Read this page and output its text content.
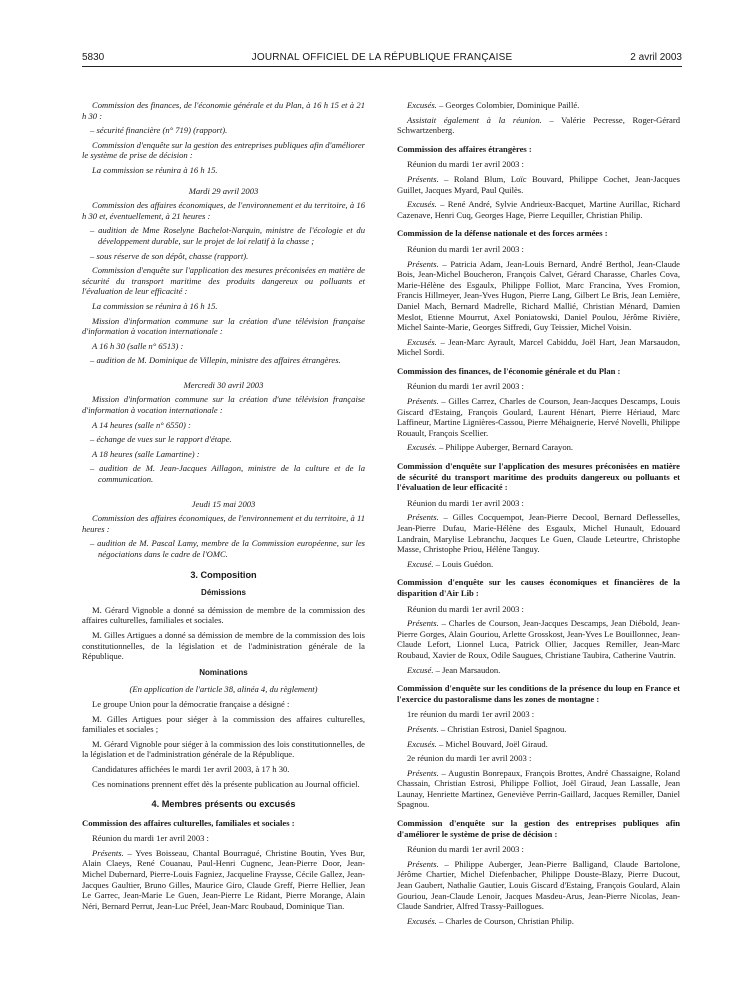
5830	JOURNAL OFFICIEL DE LA RÉPUBLIQUE FRANÇAISE	2 avril 2003

Commission des finances, de l'économie générale et du Plan, à 16 h 15 et à 21 h 30 :

– sécurité financière (n° 719) (rapport).

Commission d'enquête sur la gestion des entreprises publiques afin d'améliorer le système de prise de décision :

La commission se réunira à 16 h 15.

Mardi 29 avril 2003

Commission des affaires économiques, de l'environnement et du territoire, à 16 h 30 et, éventuellement, à 21 heures :

– audition de Mme Roselyne Bachelot-Narquin, ministre de l'écologie et du développement durable, sur le projet de loi relatif à la chasse ;

– sous réserve de son dépôt, chasse (rapport).

Commission d'enquête sur l'application des mesures préconisées en matière de sécurité du transport maritime des produits dangereux ou polluants et l'évaluation de leur efficacité :

La commission se réunira à 16 h 15.

Mission d'information commune sur la création d'une télévision française d'information à vocation internationale :

A 16 h 30 (salle n° 6513) :

– audition de M. Dominique de Villepin, ministre des affaires étrangères.

Mercredi 30 avril 2003

Mission d'information commune sur la création d'une télévision française d'information à vocation internationale :

A 14 heures (salle n° 6550) :

– échange de vues sur le rapport d'étape.

A 18 heures (salle Lamartine) :

– audition de M. Jean-Jacques Aillagon, ministre de la culture et de la communication.

Jeudi 15 mai 2003

Commission des affaires économiques, de l'environnement et du territoire, à 11 heures :

– audition de M. Pascal Lamy, membre de la Commission européenne, sur les négociations dans le cadre de l'OMC.

3. Composition

Démissions

M. Gérard Vignoble a donné sa démission de membre de la commission des affaires culturelles, familiales et sociales.

M. Gilles Artigues a donné sa démission de membre de la commission des lois constitutionnelles, de la législation et de l'administration générale de la République.

Nominations

(En application de l'article 38, alinéa 4, du règlement)

Le groupe Union pour la démocratie française a désigné :

M. Gilles Artigues pour siéger à la commission des affaires culturelles, familiales et sociales ;

M. Gérard Vignoble pour siéger à la commission des lois constitutionnelles, de la législation et de l'administration générale de la République.

Candidatures affichées le mardi 1er avril 2003, à 17 h 30.

Ces nominations prennent effet dès la présente publication au Journal officiel.

4. Membres présents ou excusés

Commission des affaires culturelles, familiales et sociales :

Réunion du mardi 1er avril 2003 :

Présents. – Yves Boisseau, Chantal Bourragué, Christine Boutin, Yves Bur, Alain Claeys, René Couanau, Paul-Henri Cugnenc, Jean-Pierre Door, Jean-Michel Dubernard, Pierre-Louis Fagniez, Jacqueline Fraysse, Cécile Gallez, Jean-Jacques Gaultier, Bruno Gilles, Maurice Giro, Claude Greff, Pierre Hellier, Jean Le Garrec, Jean-Marie Le Guen, Jean-Pierre Le Ridant, Pierre Morange, Alain Néri, Bernard Perrut, Jean-Luc Préel, Jean-Marc Roubaud, Dominique Tian.

Excusés. – Georges Colombier, Dominique Paillé.

Assistait également à la réunion. – Valérie Pecresse, Roger-Gérard Schwartzenberg.

Commission des affaires étrangères :

Réunion du mardi 1er avril 2003 :

Présents. – Roland Blum, Loïc Bouvard, Philippe Cochet, Jean-Jacques Guillet, Jacques Myard, Paul Quilès.

Excusés. – René André, Sylvie Andrieux-Bacquet, Martine Aurillac, Richard Cazenave, Henri Cuq, Georges Hage, Pierre Lequiller, Christian Philip.

Commission de la défense nationale et des forces armées :

Réunion du mardi 1er avril 2003 :

Présents. – Patricia Adam, Jean-Louis Bernard, André Berthol, Jean-Claude Bois, Jean-Michel Boucheron, François Calvet, Gérard Charasse, Charles Cova, Marie-Hélène des Esgaulx, Philippe Folliot, Marc Francina, Yves Fromion, Francis Hillmeyer, Jean-Yves Hugon, Pierre Lang, Gilbert Le Bris, Jean Lemière, Daniel Mach, Bernard Madrelle, Richard Mallié, Christian Ménard, Damien Meslot, Etienne Mourrut, Axel Poniatowski, Daniel Poulou, Jérôme Rivière, Michel Sainte-Marie, Georges Siffredi, Guy Teissier, Michel Voisin.

Excusés. – Jean-Marc Ayrault, Marcel Cabiddu, Joël Hart, Jean Marsaudon, Michel Sordi.

Commission des finances, de l'économie générale et du Plan :

Réunion du mardi 1er avril 2003 :

Présents. – Gilles Carrez, Charles de Courson, Jean-Jacques Descamps, Louis Giscard d'Estaing, François Goulard, Laurent Hénart, Pierre Hériaud, Marc Laffineur, Martine Lignières-Cassou, Pierre Méhaignerie, Hervé Novelli, Philippe Rouault, François Scellier.

Excusés. – Philippe Auberger, Bernard Carayon.

Commission d'enquête sur l'application des mesures préconisées en matière de sécurité du transport maritime des produits dangereux ou polluants et l'évaluation de leur efficacité :

Réunion du mardi 1er avril 2003 :

Présents. – Gilles Cocquempot, Jean-Pierre Decool, Bernard Deflesselles, Jean-Pierre Dufau, Marie-Hélène des Esgaulx, Michel Hunault, Edouard Landrain, Marylise Lebranchu, Jacques Le Guen, Claude Leteurtre, Christophe Masse, Christophe Priou, Hélène Tanguy.

Excusé. – Louis Guédon.

Commission d'enquête sur les causes économiques et financières de la disparition d'Air Lib :

Réunion du mardi 1er avril 2003 :

Présents. – Charles de Courson, Jean-Jacques Descamps, Jean Diébold, Jean-Pierre Gorges, Alain Gouriou, Arlette Grosskost, Jean-Yves Le Bouillonnec, Jean-Claude Lefort, Lionnel Luca, Patrick Ollier, Jacques Remiller, Jean-Marc Roubaud, Xavier de Roux, Odile Saugues, Christiane Taubira, Catherine Vautrin.

Excusé. – Jean Marsaudon.

Commission d'enquête sur les conditions de la présence du loup en France et l'exercice du pastoralisme dans les zones de montagne :

1re réunion du mardi 1er avril 2003 :

Présents. – Christian Estrosi, Daniel Spagnou.

Excusés. – Michel Bouvard, Joël Giraud.

2e réunion du mardi 1er avril 2003 :

Présents. – Augustin Bonrepaux, François Brottes, André Chassaigne, Roland Chassain, Christian Estrosi, Philippe Folliot, Joël Giraud, Jean Lassalle, Jean Launay, Henriette Martinez, Geneviève Perrin-Gaillard, Jacques Remiller, Daniel Spagnou.

Commission d'enquête sur la gestion des entreprises publiques afin d'améliorer le système de prise de décision :

Réunion du mardi 1er avril 2003 :

Présents. – Philippe Auberger, Jean-Pierre Balligand, Claude Bartolone, Jérôme Chartier, Michel Diefenbacher, Philippe Douste-Blazy, Pierre Ducout, Jean Gaubert, Nathalie Gautier, Louis Giscard d'Estaing, François Goulard, Alain Gouriou, Jean-Claude Lenoir, Jacques Masdeu-Arus, Jean-Pierre Nicolas, Jean-Claude Sandrier, Alfred Trassy-Paillogues.

Excusés. – Charles de Courson, Christian Philip.
